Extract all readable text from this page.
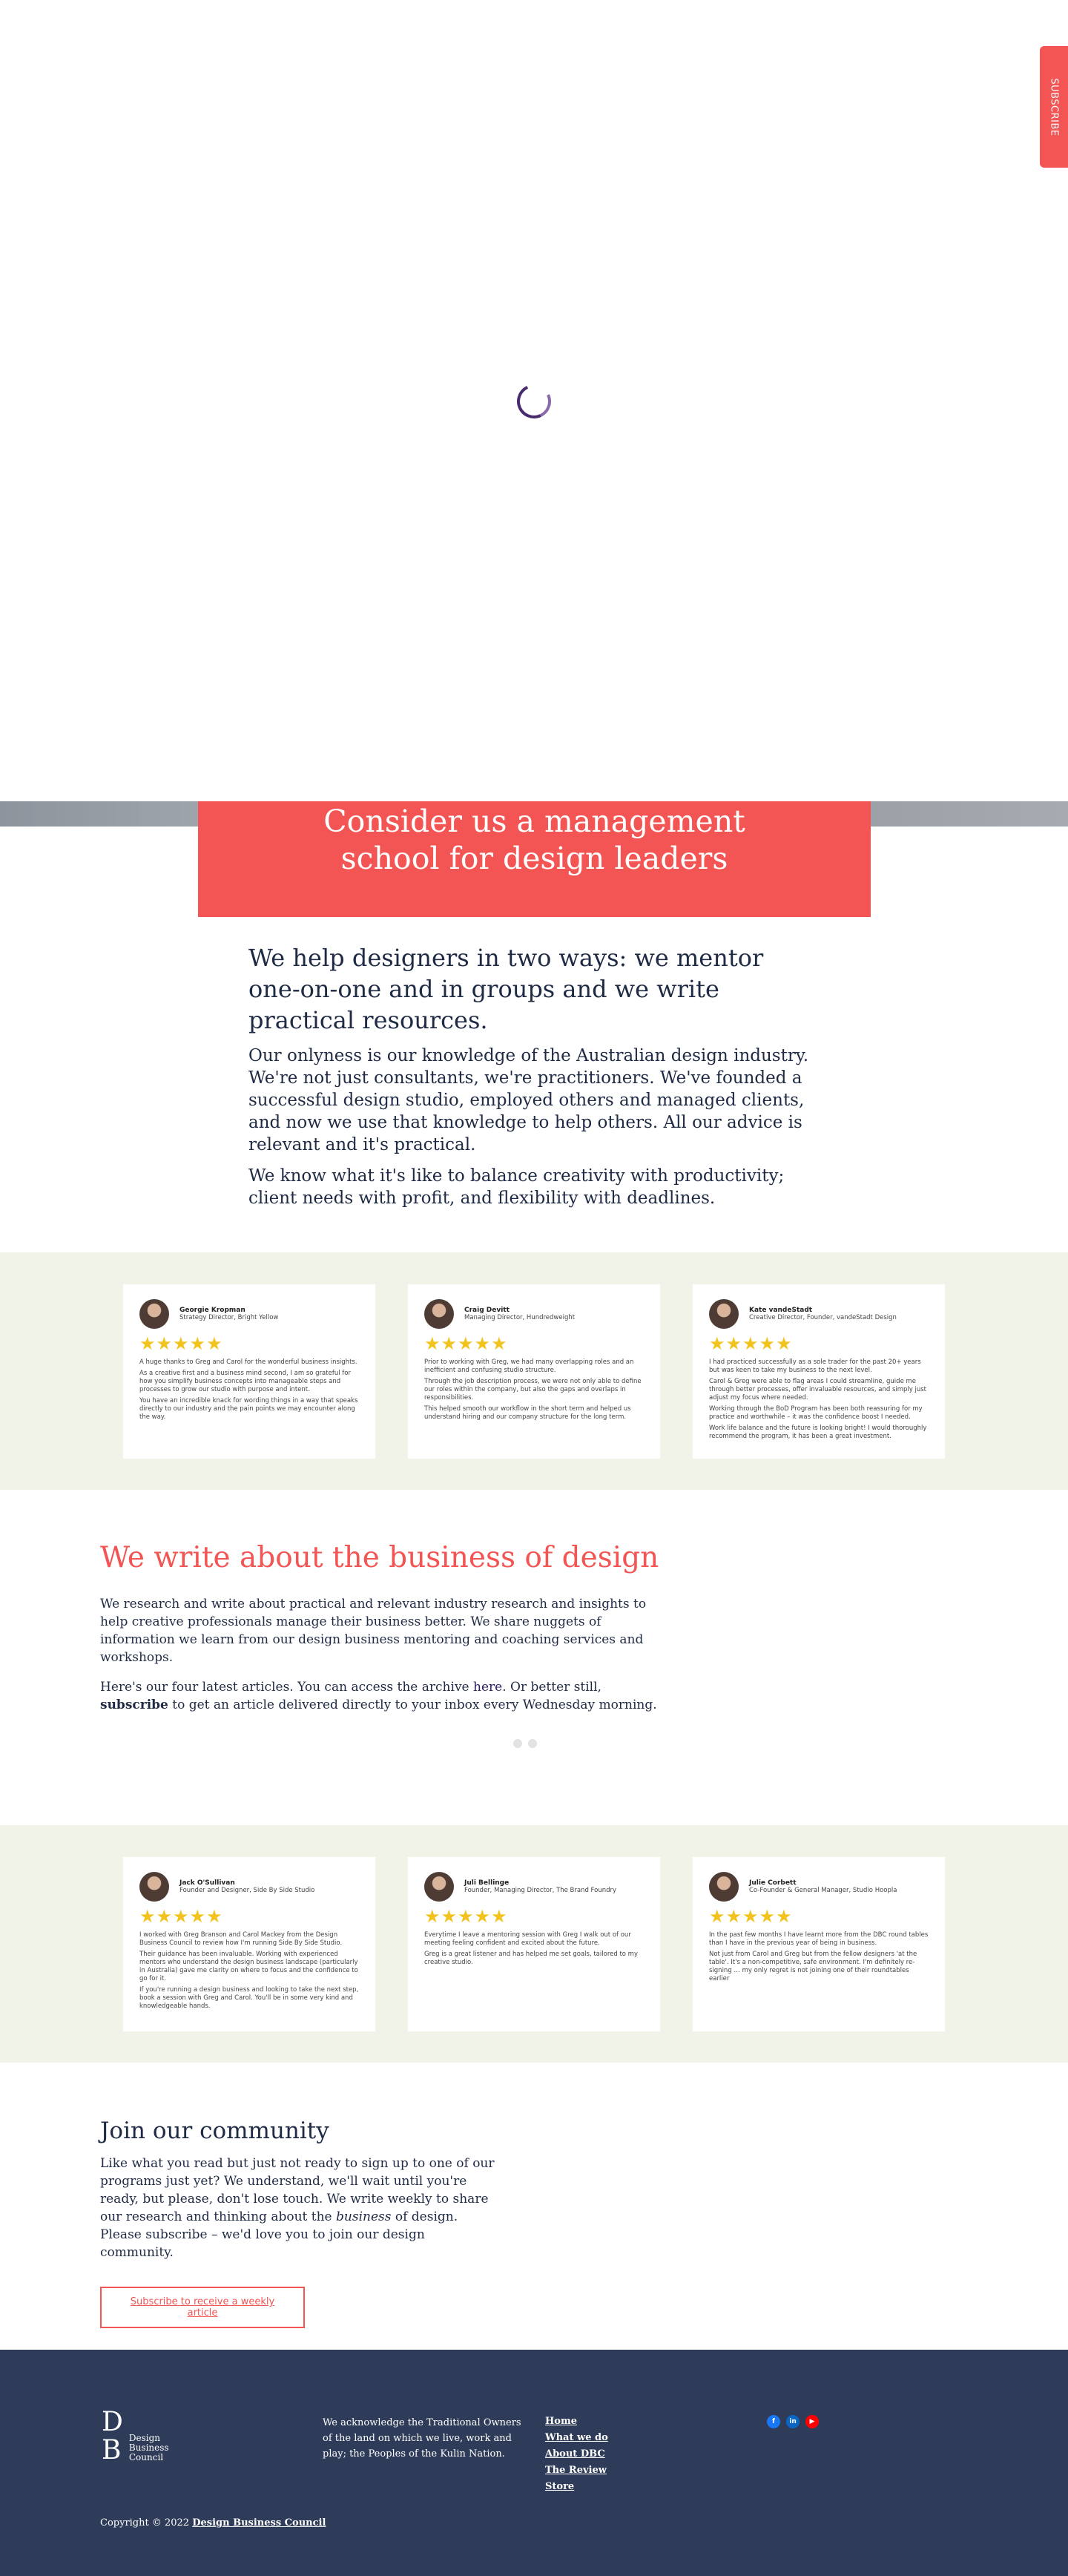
SUBSCRIBE
Consider us a management school for design leaders
We help designers in two ways: we mentor one-on-one and in groups and we write practical resources.

Our onlyness is our knowledge of the Australian design industry. We're not just consultants, we're practitioners. We've founded a successful design studio, employed others and managed clients, and now we use that knowledge to help others. All our advice is relevant and it's practical.

We know what it's like to balance creativity with productivity; client needs with profit, and flexibility with deadlines.

Georgie Kropman
Strategy Director, Bright Yellow
★★★★★

A huge thanks to Greg and Carol for the wonderful business insights.

As a creative first and a business mind second, I am so grateful for how you simplify business concepts into manageable steps and processes to grow our studio with purpose and intent.

You have an incredible knack for wording things in a way that speaks directly to our industry and the pain points we may encounter along the way.

Craig Devitt
Managing Director, Hundredweight
★★★★★

Prior to working with Greg, we had many overlapping roles and an inefficient and confusing studio structure.

Through the job description process, we were not only able to define our roles within the company, but also the gaps and overlaps in responsibilities.

This helped smooth our workflow in the short term and helped us understand hiring and our company structure for the long term.

Kate vandeStadt
Creative Director, Founder, vandeStadt Design
★★★★★

I had practiced successfully as a sole trader for the past 20+ years but was keen to take my business to the next level.

Carol & Greg were able to flag areas I could streamline, guide me through better processes, offer invaluable resources, and simply just adjust my focus where needed.

Working through the BoD Program has been both reassuring for my practice and worthwhile – it was the confidence boost I needed.

Work life balance and the future is looking bright! I would thoroughly recommend the program, it has been a great investment.

We write about the business of design

We research and write about practical and relevant industry research and insights to help creative professionals manage their business better. We share nuggets of information we learn from our design business mentoring and coaching services and workshops.

Here's our four latest articles. You can access the archive here. Or better still, subscribe to get an article delivered directly to your inbox every Wednesday morning.

Jack O'Sullivan
Founder and Designer, Side By Side Studio
★★★★★

I worked with Greg Branson and Carol Mackey from the Design Business Council to review how I'm running Side By Side Studio.

Their guidance has been invaluable. Working with experienced mentors who understand the design business landscape (particularly in Australia) gave me clarity on where to focus and the confidence to go for it.

If you're running a design business and looking to take the next step, book a session with Greg and Carol. You'll be in some very kind and knowledgeable hands.

Juli Bellinge
Founder, Managing Director, The Brand Foundry
★★★★★

Everytime I leave a mentoring session with Greg I walk out of our meeting feeling confident and excited about the future.

Greg is a great listener and has helped me set goals, tailored to my creative studio.

Julie Corbett
Co-Founder & General Manager, Studio Hoopla
★★★★★

In the past few months I have learnt more from the DBC round tables than I have in the previous year of being in business.

Not just from Carol and Greg but from the fellow designers 'at the table'. It's a non-competitive, safe environment. I'm definitely re-signing … my only regret is not joining one of their roundtables earlier

Join our community

Like what you read but just not ready to sign up to one of our programs just yet? We understand, we'll wait until you're ready, but please, don't lose touch. We write weekly to share our research and thinking about the business of design. Please subscribe – we'd love you to join our design community.

Subscribe to receive a weekly article
D
B Design
Business
Council

We acknowledge the Traditional Owners of the land on which we live, work and play; the Peoples of the Kulin Nation.

Home
What we do
About DBC
The Review
Store
f	in	▶

Copyright © 2022 Design Business Council
